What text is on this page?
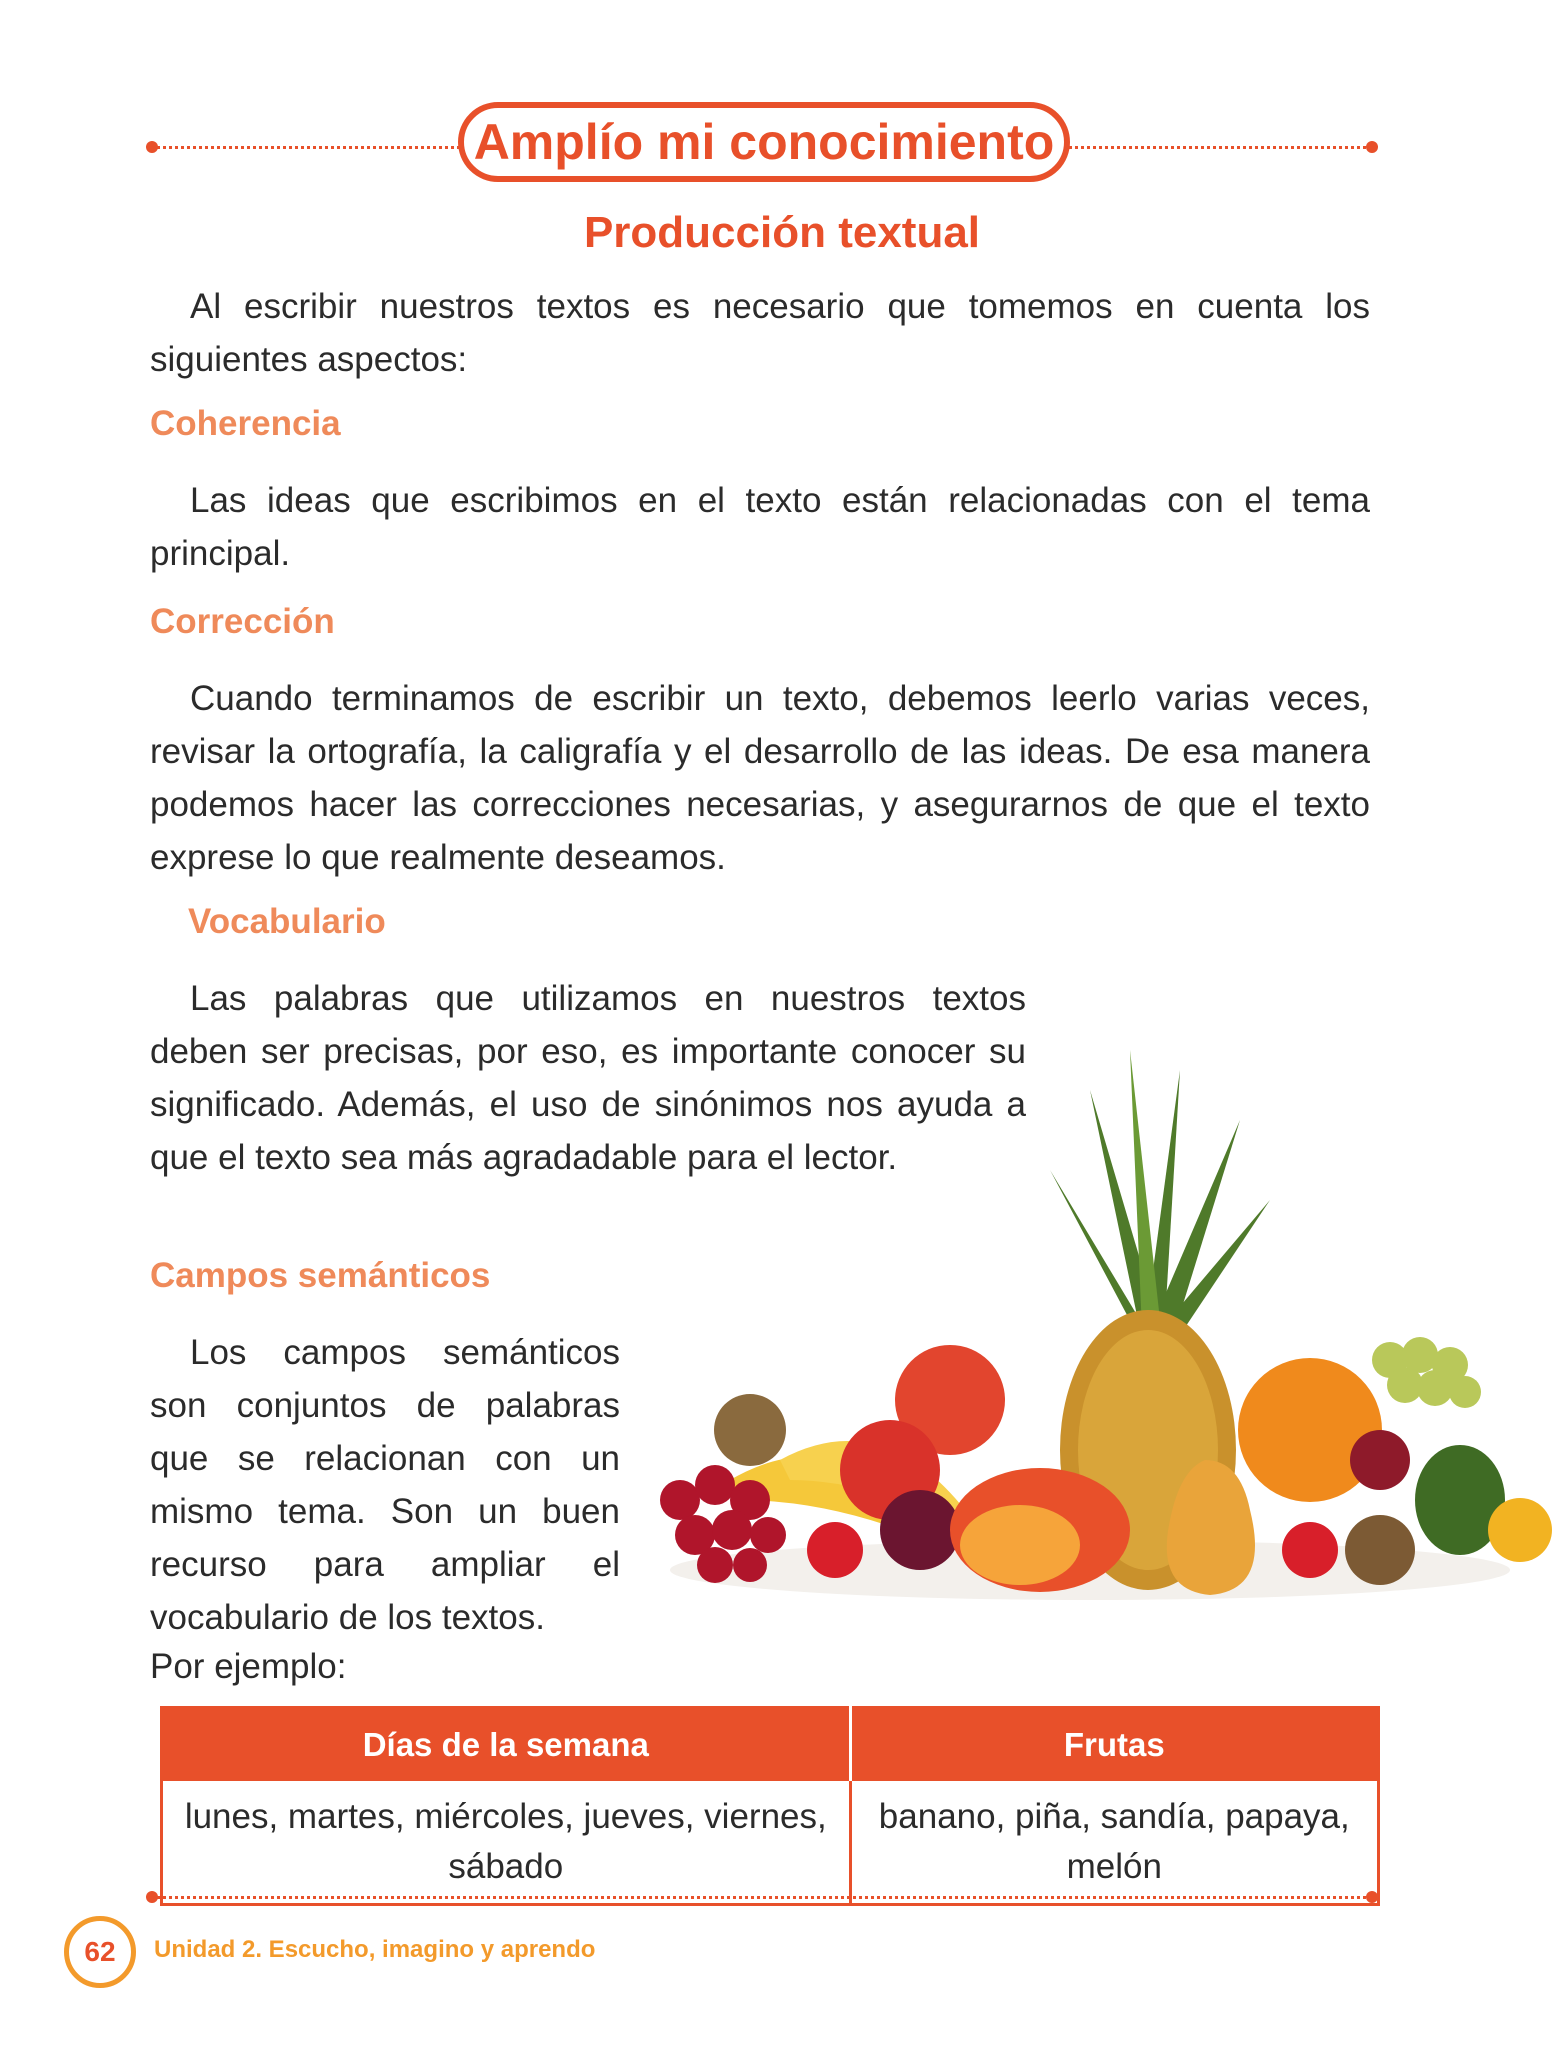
Amplío mi conocimiento
Producción textual

Al escribir nuestros textos es necesario que tomemos en cuenta los siguientes aspectos:

Coherencia

Las ideas que escribimos en el texto están relacionadas con el tema principal.

Corrección

Cuando terminamos de escribir un texto, debemos leerlo varias veces, revisar la ortografía, la caligrafía y el desarrollo de las ideas. De esa manera podemos hacer las correcciones necesarias, y asegurarnos de que el texto exprese lo que realmente deseamos.

Vocabulario

Las palabras que utilizamos en nuestros textos deben ser precisas, por eso, es importante conocer su significado. Además, el uso de sinónimos nos ayuda a que el texto sea más agradadable para el lector.

Campos semánticos

Los campos semánticos son conjuntos de palabras que se relacionan con un mismo tema. Son un buen recurso para ampliar el vocabulario de los textos.

Por ejemplo:
Días de la semana	Frutas
lunes, martes, miércoles, jueves, viernes, sábado	banano, piña, sandía, papaya, melón
62 Unidad 2. Escucho, imagino y aprendo
